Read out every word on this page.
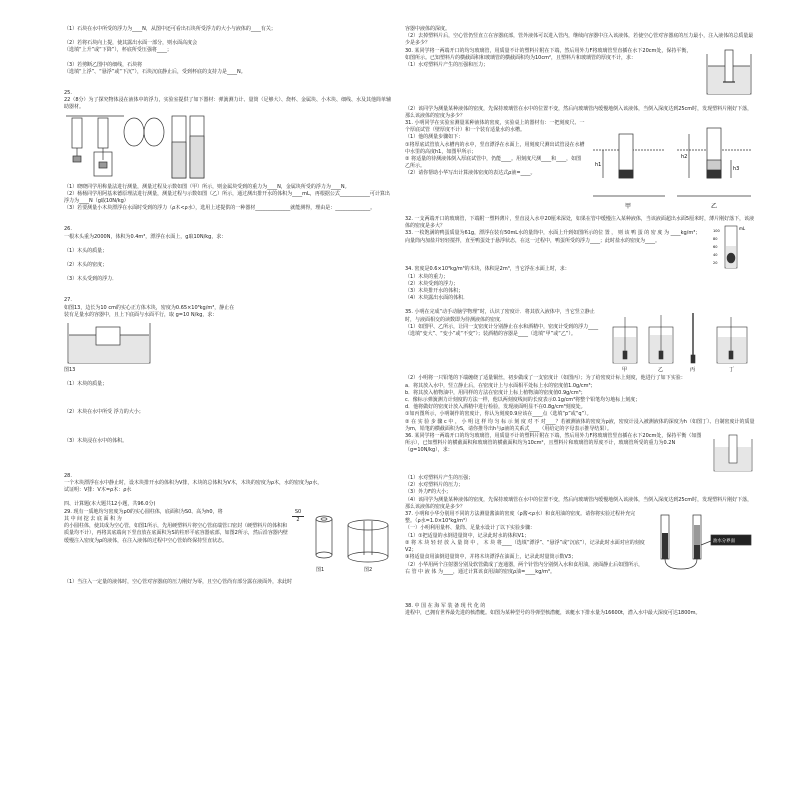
（1）石块在水中所受的浮力为____N，从图中还可看出石块所受浮力的大小与液体的____有关；

（2）若将石块向上提，使其露出水面一部分，则水面高度会

（选填“上升”或“下降”），杯底所受压强将____；

（3）若剪断乙图中的细线，石块将

（选填“上浮”、“悬浮”或“下沉”），石块沉底静止后，受到杯底的支持力是____N。

25.

22（8分）为了探究物体浸在液体中的浮力，实验室提供了如下器材：弹簧测力计、量筒（足够大）、烧杯、金属块、小木块、细线、水及其他简单辅助器材。

（1）晓晓同学用称量法进行测量，测量过程及示数如图（甲）所示，则金属块受到的重力为____N，金属块所受的浮力为____N。

（2）杨杨同学用阿基米德原理法进行测量，测量过程与示数如图（乙）所示，通过测出排开水的体积为____mL，再根据公式____________可计算出浮力为____N（g取10N/kg）

（3）若要测量小木块漂浮在水面时受到的浮力（ρ木<ρ水），选用上述提供的一种器材______________就能测得，理由是：______________。

26.

一根木头重为2000N，体积为0.4m³，漂浮在水面上，g取10N/kg，求：

（1）木头的质量；

（2）木头的密度；

（3）木头受到的浮力．

27.

如图13，边长为10 cm的实心正方体木块，密度为0.65×10³kg/m³，静止在

装有足量水的容器中，且上下底面与水面平行，取 g=10 N/kg，求：

图13

（1）木块的质量；

（2）木块在水中所受 浮力的大小；

（3）木块浸在水中的体积。

28.

一个木块漂浮在水中静止时，设木块排开水的体积为V排，木块的总体积为V木，木块的密度为ρ木，水的密度为ρ水，

试证明：V排：V木=ρ木：ρ水

四、计算题(本大题共12小题，共96.0分)

29. 现有一质地均匀密度为ρ0的实心圆柱体，底面积为S0、高为h0，将

其 中 间 挖 去 底 面 积 为

的小圆柱体，使其成为空心管，如图1所示，先用硬塑料片将空心管底端管口密封（硬塑料片的体积和质量均不计），再将其底端向下竖直放在底面积为S的柱形平底容器底部，如图2所示，然后沿容器内壁缓慢注入密度为ρ的液体，在注入液体的过程中空心管始终保持竖直状态。

$\frac{S0}{2}$
图1	图2

（1）当注入一定量的液体时，空心管对容器底的压力刚好为零，且空心管尚有部分露在液面外，求此时

容器中液体的深度。

（2）去掉塑料片后，空心管仍竖直立在容器底部，管外液体可以进入管内，继续向容器中注入该液体，若使空心管对容器底的压力最小，注入液体的总质量最少是多少？

30. 某同学将一两端开口的均匀玻璃管，用质量不计的塑料片附在下端，然后用外力F将玻璃管竖直插在水下20cm处，保持平衡，如图所示。已知塑料片的横截面积和玻璃管的横截面积均为10cm²，且塑料片和玻璃管的厚度不计，求：

（1）水对塑料片产生的压强和压力；

（2）该同学为测量某种液体的密度，先保持玻璃管在水中的位置不变，然后向玻璃管内缓慢地倒入该液体，当倒入深度达到25cm时，发现塑料片刚好下落，那么该液体的密度为多少？

31. 小明同学在实验室测量某种液体的密度，实验桌上的器材有：一把刻度尺、一个厚底试管（壁厚度不计）和一个装有适量水的水槽。

（1）他的测量步骤如下：

①将厚底试管放入水槽内的水中，竖直漂浮在水面上，用刻度尺测出试管浸在水槽中水里的高度h1，如图甲所示；

② 将适量的待测液体倒入厚底试管中，仍能____。用刻度尺测____和____，如图乙所示。

（2）请你帮助小华写出计算液体密度的表达式ρ液=____。

h1
h2
h3
甲	乙

32. 一支两端开口的玻璃管，下端附一塑料薄片，竖直浸入水中20厘米深处，如果在管中缓慢注入某种液体，当该液面超出水面5厘米时，薄片刚好落下，该液体的密度是多大？

33. 一枚饱满的鸭蛋质量为61g，漂浮在装有50mL水的量筒中，水面上升到如图所示的位 置 ， 则 该 鸭 蛋 的 密 度 为 ____kg/m³；向量筒内加盐并轻轻搅拌，直至鸭蛋处于悬浮状态，在这一过程中，鸭蛋所受的浮力____；此时盐水的密度为____。

mL
100
80
60
40
20

34. 密度是0.6×10³kg/m³的木块，体积是2m³，当它浮在水面上时，求：

（1）木块的重力；

（2）木块受到的浮力；

（3）木块排开水的体积；

（4）木块露出水面的体积．

35. 小明在完成“动手动脑学物理”时，认识了密度计．将其放入液体中，当它竖立静止时，与液面相交的读数即为待测液体的密度．

（1）如图甲、乙所示，让同一支密度计分别静止在水和酒精中，密度计受到的浮力____（选填“变大”、“变小”或“不变”）；装酒精的容器是____（选填“甲”或“乙”）。

甲	乙	丙	丁

（2）小明将一只铅笔的下端缠绕了适量铜丝，初步做成了一支密度计（如图丙）；为了给密度计标上刻度，他进行了如下实验：

a．将其放入水中，竖立静止后，在密度计上与水面相平处标上水的密度值1.0g/cm³；

b．将其放入植物油中，用同样的方法在密度计上标上植物油的密度值0.9g/cm³；

c．像标示弹簧测力计刻度的方法一样，他以两刻度线间的长度表示0.1g/cm³将整个铅笔均匀地标上刻度；

d．他将做好的密度计放入酒精中进行检验，发现液面明显不在0.8g/cm³刻度处。

①如丙图所示，小明制作的密度计，你认为刻度0.9应该在____点（选填“p”或“q”）。

② 在 实 验 步 骤 c 中 ， 小 明 这 样 均 匀 标 示 刻 度 对 不 对____？若被测液体的密度为ρ液，密度计浸入被测液体的深度为h（如图丁）、自制密度计的质量为m，铅笔的横截面积为S，请你推导出h与ρ液的关系式____（用给定的字母表示推导结果）。

36. 某同学将一两端开口的均匀玻璃管，用质量不计的塑料片附在下端，然后用外力F将玻璃管竖直插在水下20cm处，保持平衡（如图所示），已知塑料片的横截面积和玻璃管的横截面积均为10cm²，且塑料片和玻璃管的厚度不计，玻璃管所受的重力为0.2N（g=10N/kg），求：

（1）水对塑料片产生的压强；

（2）水对塑料片的压力；

（3）外力F的大小；

（4）该同学为测量某种液体的密度，先保持玻璃管在水中的位置不变，然后向玻璃管内缓慢地倒入该液体，当倒入深度达到25cm时，发现塑料片刚好下落，那么该液体的密度是多少？

37. 小明和小华分别用不同的方法测量酱油的密度（ρ酱<ρ水）和食用油的密度。请你将实验过程补充完整。（ρ水=1.0×10³kg/m³）

（一）小明利用量杯、量筒、足量水设计了以下实验步骤：

（1）①把适量的水倒进量筒中，记录此时水的体积V1；

② 将 木 块 轻 轻 放 入 量 筒 中 ， 木 块 将____（选填“漂浮”、“悬浮”或“沉底”），记录此时水面对应的刻度V2；

③将适量食用油倒进量筒中，并将木块漂浮在油面上，记录此时量筒示数V3；

（2）小华用两个注射器分别及软管做成了连通器，两个针管内分别倒入水和食用油，液面静止后如图所示， 右 管 中 液 体 为____，通过计算该食用油的密度ρ油=____kg/m³。

油水分界面

38. 中 国 在 海 军 装 备 现 代 化 的

进程中，已拥有世界最先进的核潜艇。如图为某种型号的导弹型核潜艇，该艇水下排水量为16600t，潜入水中最大深度可达1800m。
